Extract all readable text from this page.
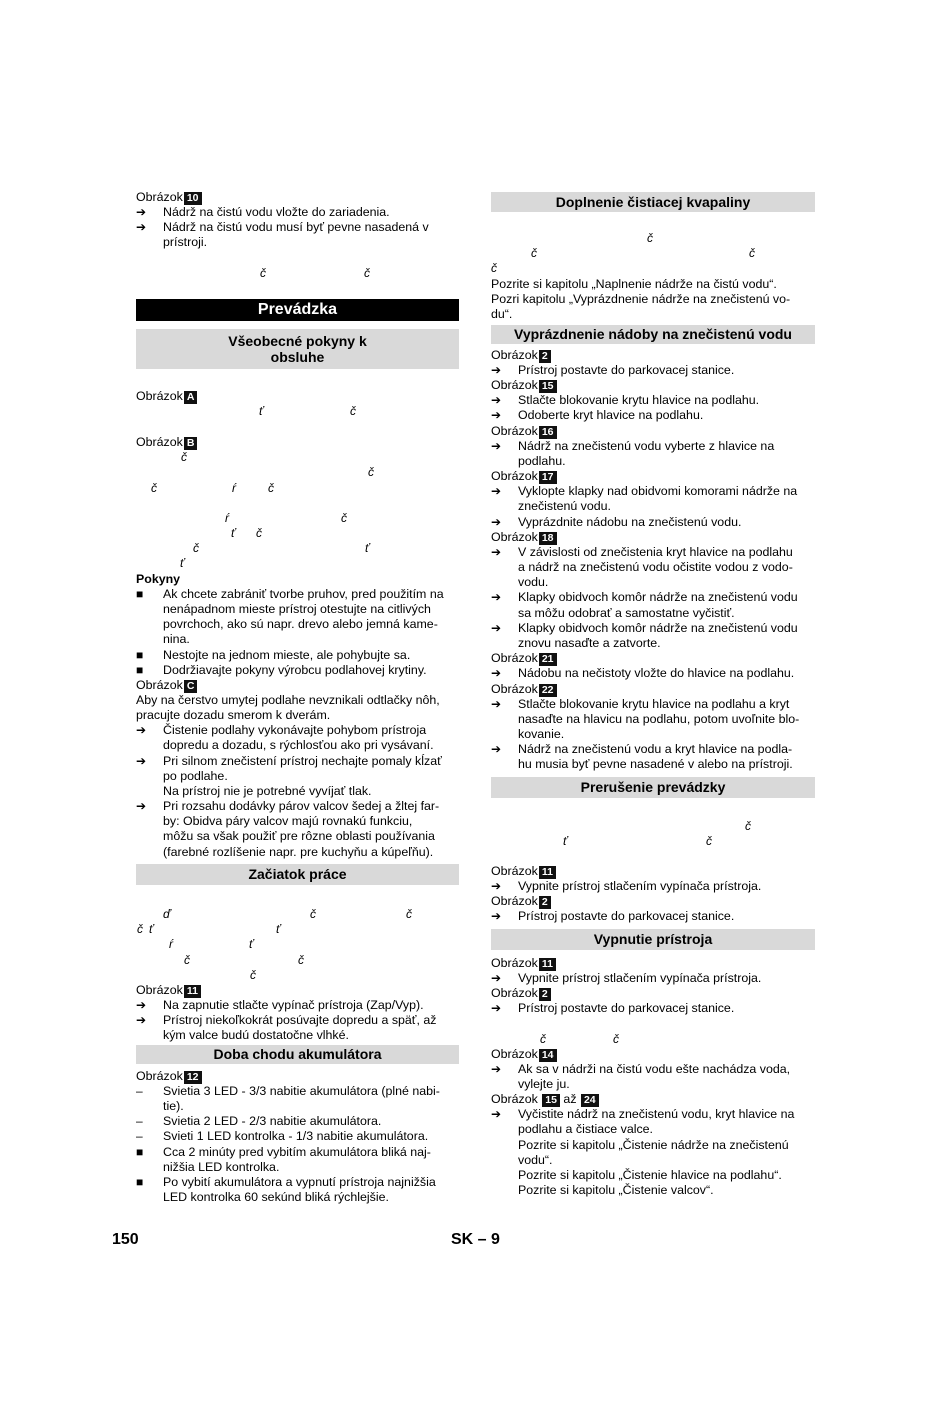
Obrázok 10
➔ Nádrž na čistú vodu vložte do zariadenia.
➔ Nádrž na čistú vodu musí byť pevne nasadená v
prístroji.
č	č
Prevádzka
Všeobecné pokyny k
obsluhe
Obrázok A
ť	č
Obrázok B
č
č
č	ŕ	č
ŕ	č
ť č
č	ť
ť
Pokyny
■ Ak chcete zabrániť tvorbe pruhov, pred použitím na
nenápadnom mieste prístroj otestujte na citlivých
povrchoch, ako sú napr. drevo alebo jemná kame-
nina.
■ Nestojte na jednom mieste, ale pohybujte sa.
■ Dodržiavajte pokyny výrobcu podlahovej krytiny.
Obrázok C
Aby na čerstvo umytej podlahe nevznikali odtlačky nôh,
pracujte dozadu smerom k dverám.
➔ Čistenie podlahy vykonávajte pohybom prístroja
dopredu a dozadu, s rýchlosťou ako pri vysávaní.
➔ Pri silnom znečistení prístroj nechajte pomaly kĺzať
po podlahe.
Na prístroj nie je potrebné vyvíjať tlak.
➔ Pri rozsahu dodávky párov valcov šedej a žltej far-
by: Obidva páry valcov majú rovnakú funkciu,
môžu sa však použiť pre rôzne oblasti používania
(farebné rozlíšenie napr. pre kuchyňu a kúpeľňu).
Začiatok práce
ď	č	č
č ť	ť
ŕ	ť
č	č
č
Obrázok 11
➔ Na zapnutie stlačte vypínač prístroja (Zap/Vyp).
➔ Prístroj niekoľkokrát posúvajte dopredu a späť, až
kým valce budú dostatočne vlhké.
Doba chodu akumulátora
Obrázok 12
– Svietia 3 LED - 3/3 nabitie akumulátora (plné nabi-
tie).
– Svietia 2 LED - 2/3 nabitie akumulátora.
– Svieti 1 LED kontrolka - 1/3 nabitie akumulátora.
■ Cca 2 minúty pred vybitím akumulátora bliká naj-
nižšia LED kontrolka.
■ Po vybití akumulátora a vypnutí prístroja najnižšia
LED kontrolka 60 sekúnd bliká rýchlejšie.
Doplnenie čistiacej kvapaliny
č
č	č
č
Pozrite si kapitolu „Naplnenie nádrže na čistú vodu“.
Pozri kapitolu „Vyprázdnenie nádrže na znečistenú vo-
du“.
Vyprázdnenie nádoby na znečistenú vodu
Obrázok 2
➔ Prístroj postavte do parkovacej stanice.
Obrázok 15
➔ Stlačte blokovanie krytu hlavice na podlahu.
➔ Odoberte kryt hlavice na podlahu.
Obrázok 16
➔ Nádrž na znečistenú vodu vyberte z hlavice na
podlahu.
Obrázok 17
➔ Vyklopte klapky nad obidvomi komorami nádrže na
znečistenú vodu.
➔ Vyprázdnite nádobu na znečistenú vodu.
Obrázok 18
➔ V závislosti od znečistenia kryt hlavice na podlahu
a nádrž na znečistenú vodu očistite vodou z vodo-
vodu.
➔ Klapky obidvoch komôr nádrže na znečistenú vodu
sa môžu odobrať a samostatne vyčistiť.
➔ Klapky obidvoch komôr nádrže na znečistenú vodu
znovu nasaďte a zatvorte.
Obrázok 21
➔ Nádobu na nečistoty vložte do hlavice na podlahu.
Obrázok 22
➔ Stlačte blokovanie krytu hlavice na podlahu a kryt
nasaďte na hlavicu na podlahu, potom uvoľnite blo-
kovanie.
➔ Nádrž na znečistenú vodu a kryt hlavice na podla-
hu musia byť pevne nasadené v alebo na prístroji.
Prerušenie prevádzky
č
ť	č
Obrázok 11
➔ Vypnite prístroj stlačením vypínača prístroja.
Obrázok 2
➔ Prístroj postavte do parkovacej stanice.
Vypnutie prístroja
Obrázok 11
➔ Vypnite prístroj stlačením vypínača prístroja.
Obrázok 2
➔ Prístroj postavte do parkovacej stanice.
č	č
Obrázok 14
➔ Ak sa v nádrži na čistú vodu ešte nachádza voda,
vylejte ju.
Obrázok 15 až 24
➔ Vyčistite nádrž na znečistenú vodu, kryt hlavice na
podlahu a čistiace valce.
Pozrite si kapitolu „Čistenie nádrže na znečistenú
vodu“.
Pozrite si kapitolu „Čistenie hlavice na podlahu“.
Pozrite si kapitolu „Čistenie valcov“.
150	SK – 9
